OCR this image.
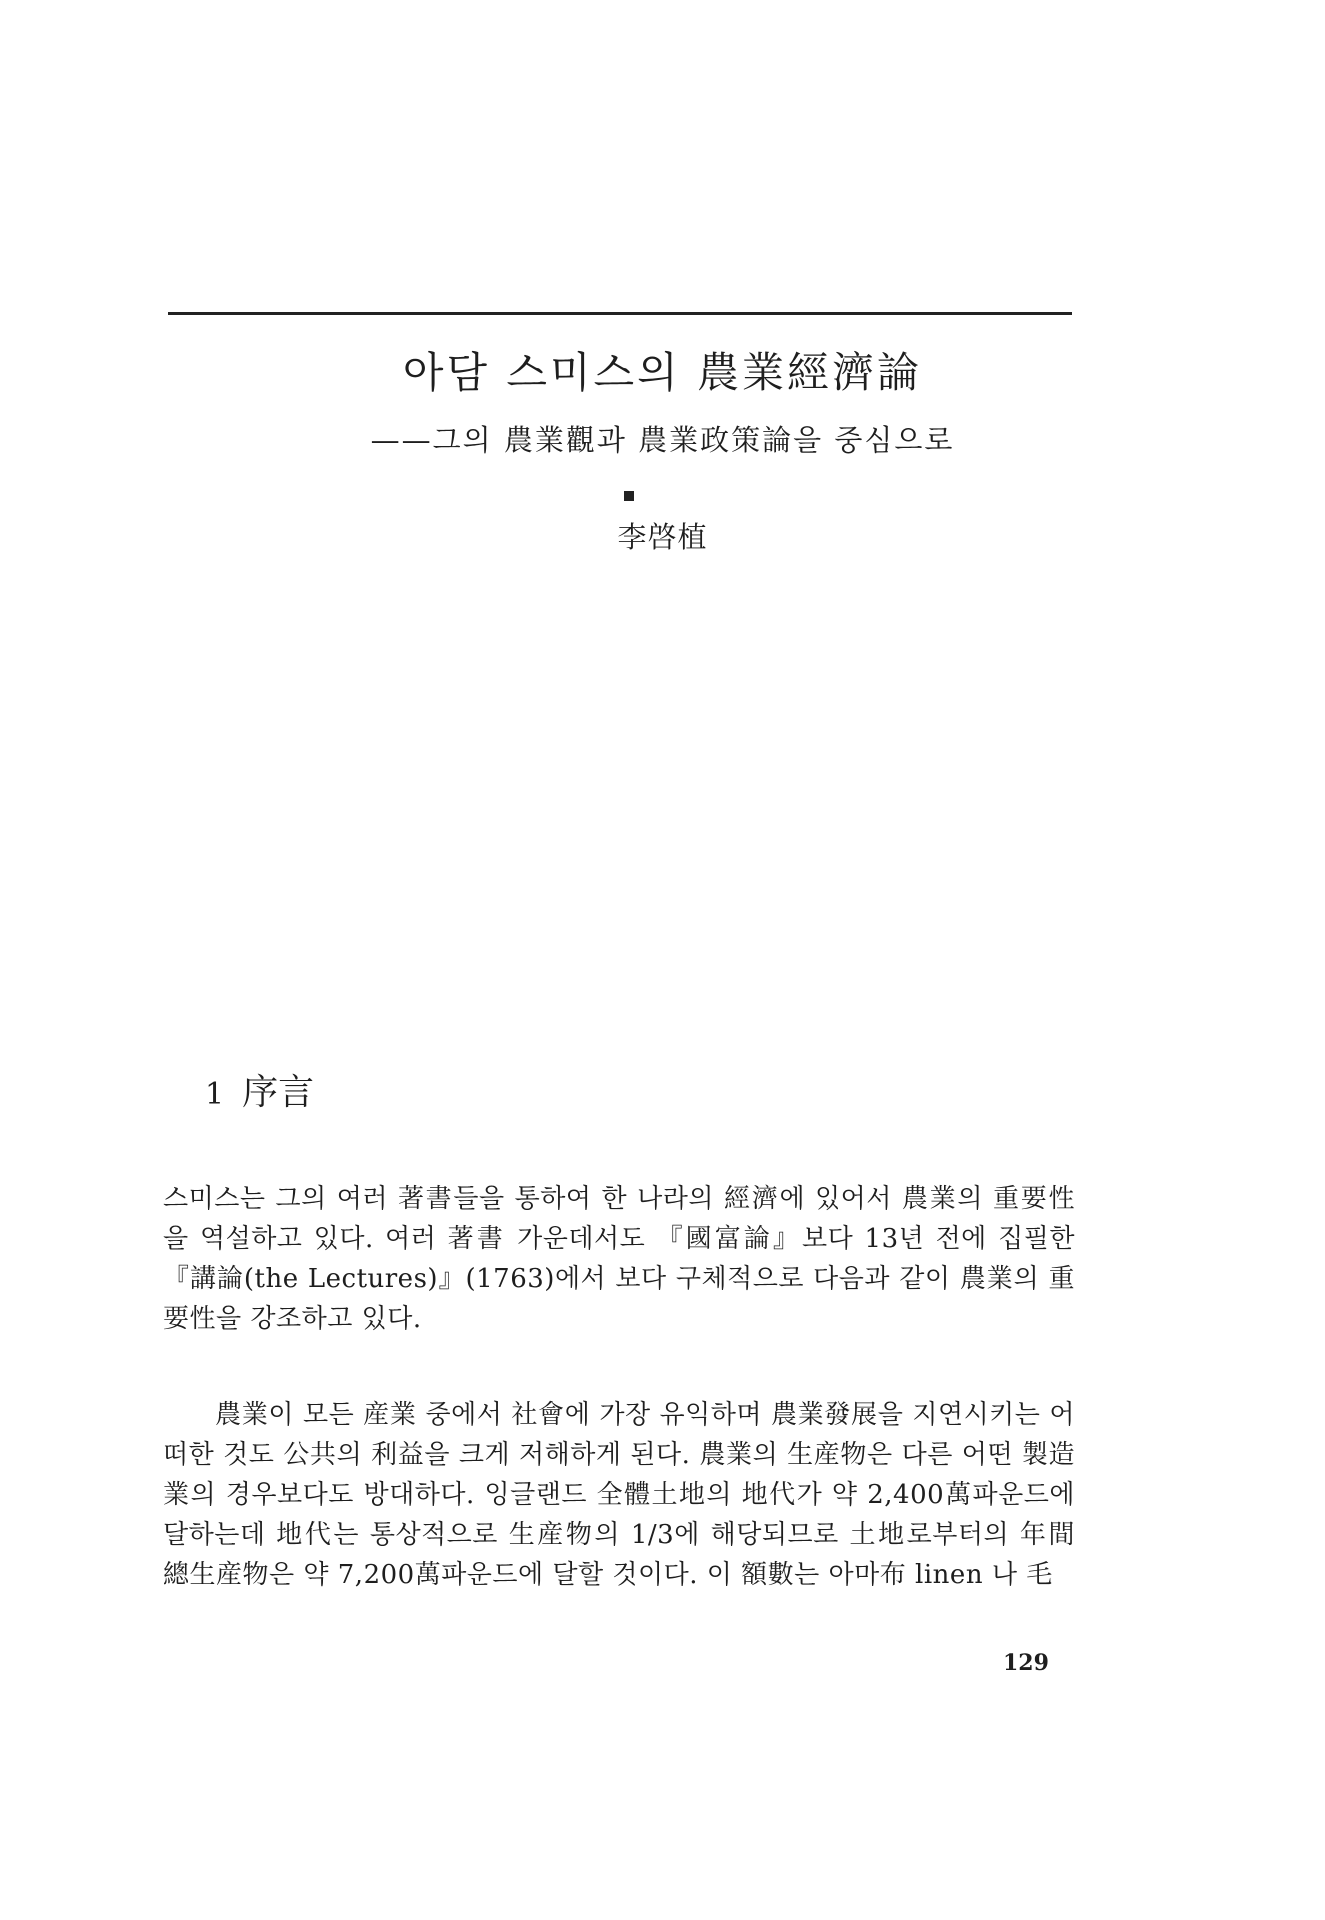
아담 스미스의 農業經濟論
——그의 農業觀과 農業政策論을 중심으로
李啓植
1 序言

스미스는 그의 여러 著書들을 통하여 한 나라의 經濟에 있어서 農業의 重要性을 역설하고 있다. 여러 著書 가운데서도 『國富論』보다 13년 전에 집필한 『講論(the Lectures)』(1763)에서 보다 구체적으로 다음과 같이 農業의 重要性을 강조하고 있다.

農業이 모든 産業 중에서 社會에 가장 유익하며 農業發展을 지연시키는 어떠한 것도 公共의 利益을 크게 저해하게 된다. 農業의 生産物은 다른 어떤 製造業의 경우보다도 방대하다. 잉글랜드 全體土地의 地代가 약 2,400萬파운드에 달하는데 地代는 통상적으로 生産物의 1/3에 해당되므로 土地로부터의 年間 總生産物은 약 7,200萬파운드에 달할 것이다. 이 額數는 아마布 linen 나 毛

129
